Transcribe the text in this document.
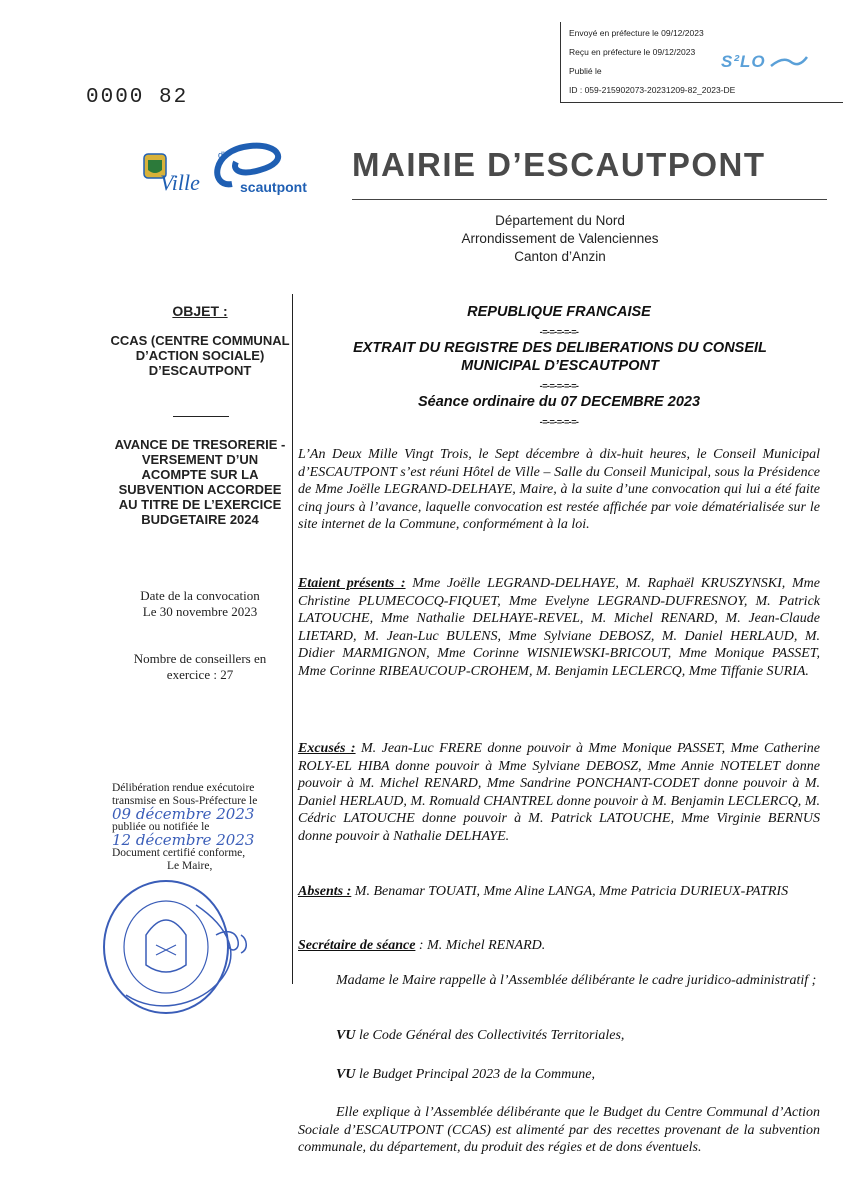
Envoyé en préfecture le 09/12/2023
Reçu en préfecture le 09/12/2023
Publié le
ID : 059-215902073-20231209-82_2023-DE
S²LO
0000 82
Ville
d'
scautpont
MAIRIE D’ESCAUTPONT
Département du Nord
Arrondissement de Valenciennes
Canton d’Anzin
OBJET :
CCAS (CENTRE COMMUNAL D’ACTION SOCIALE) D’ESCAUTPONT
AVANCE DE TRESORERIE - VERSEMENT D’UN ACOMPTE SUR LA SUBVENTION ACCORDEE AU TITRE DE L’EXERCICE BUDGETAIRE 2024
Date de la convocation
Le 30 novembre 2023
Nombre de conseillers en
exercice : 27
Délibération rendue exécutoire
transmise en Sous-Préfecture le
09 décembre 2023
publiée ou notifiée le
12 décembre 2023
Document certifié conforme,
Le Maire,
REPUBLIQUE FRANCAISE
-=-=-=-=-=-
EXTRAIT DU REGISTRE DES DELIBERATIONS DU CONSEIL MUNICIPAL D’ESCAUTPONT
-=-=-=-=-=-
Séance ordinaire du 07 DECEMBRE 2023
-=-=-=-=-=-
L’An Deux Mille Vingt Trois, le Sept décembre à dix-huit heures, le Conseil Municipal d’ESCAUTPONT s’est réuni Hôtel de Ville – Salle du Conseil Municipal, sous la Présidence de Mme Joëlle LEGRAND-DELHAYE, Maire, à la suite d’une convocation qui lui a été faite cinq jours à l’avance, laquelle convocation est restée affichée par voie dématérialisée sur le site internet de la Commune, conformément à la loi.
Etaient présents : Mme Joëlle LEGRAND-DELHAYE, M. Raphaël KRUSZYNSKI, Mme Christine PLUMECOCQ-FIQUET, Mme Evelyne LEGRAND-DUFRESNOY, M. Patrick LATOUCHE, Mme Nathalie DELHAYE-REVEL, M. Michel RENARD, M. Jean-Claude LIETARD, M. Jean-Luc BULENS, Mme Sylviane DEBOSZ, M. Daniel HERLAUD, M. Didier MARMIGNON, Mme Corinne WISNIEWSKI-BRICOUT, Mme Monique PASSET, Mme Corinne RIBEAUCOUP-CROHEM, M. Benjamin LECLERCQ, Mme Tiffanie SURIA.
Excusés : M. Jean-Luc FRERE donne pouvoir à Mme Monique PASSET, Mme Catherine ROLY-EL HIBA donne pouvoir à Mme Sylviane DEBOSZ, Mme Annie NOTELET donne pouvoir à M. Michel RENARD, Mme Sandrine PONCHANT-CODET donne pouvoir à M. Daniel HERLAUD, M. Romuald CHANTREL donne pouvoir à M. Benjamin LECLERCQ, M. Cédric LATOUCHE donne pouvoir à M. Patrick LATOUCHE, Mme Virginie BERNUS donne pouvoir à Nathalie DELHAYE.
Absents : M. Benamar TOUATI, Mme Aline LANGA, Mme Patricia DURIEUX-PATRIS
Secrétaire de séance : M. Michel RENARD.
Madame le Maire rappelle à l’Assemblée délibérante le cadre juridico-administratif ;
VU le Code Général des Collectivités Territoriales,
VU le Budget Principal 2023 de la Commune,
Elle explique à l’Assemblée délibérante que le Budget du Centre Communal d’Action Sociale d’ESCAUTPONT (CCAS) est alimenté par des recettes provenant de la subvention communale, du département, du produit des régies et de dons éventuels.
